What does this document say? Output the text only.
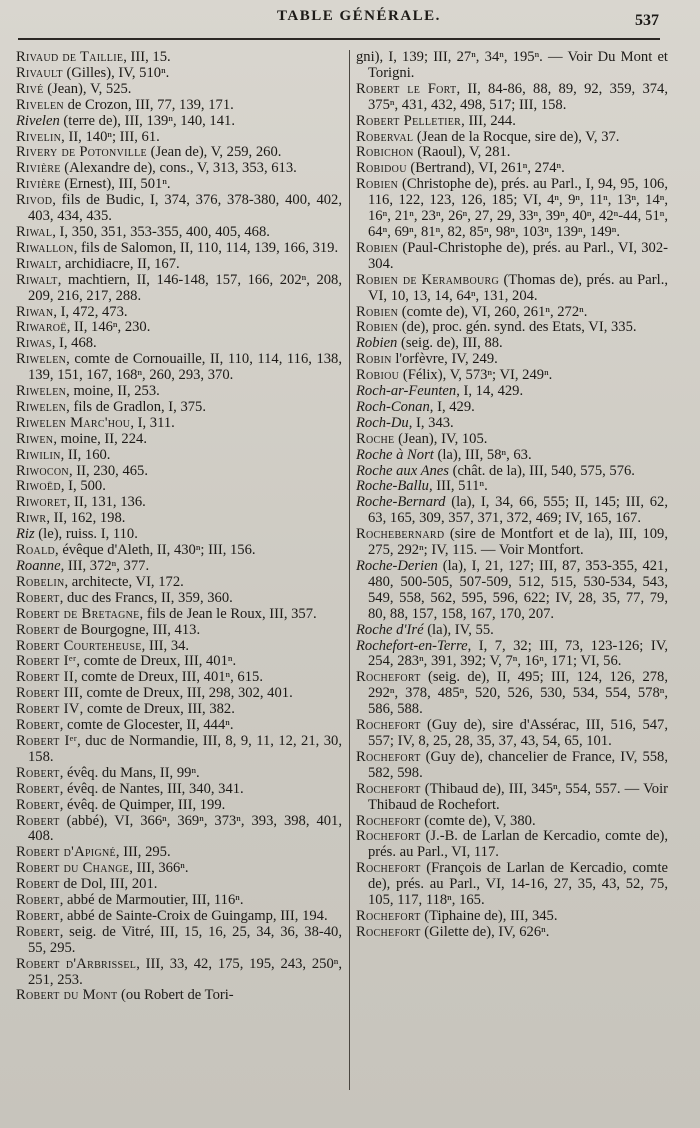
TABLE GÉNÉRALE.	537

Rivaud de Taillie, III, 15.

Rivault (Gilles), IV, 510ⁿ.

Rivé (Jean), V, 525.

Rivelen de Crozon, III, 77, 139, 171.

Rivelen (terre de), III, 139ⁿ, 140, 141.

Rivelin, II, 140ⁿ; III, 61.

Rivery de Potonville (Jean de), V, 259, 260.

Rivière (Alexandre de), cons., V, 313, 353, 613.

Rivière (Ernest), III, 501ⁿ.

Rivod, fils de Budic, I, 374, 376, 378-380, 400, 402, 403, 434, 435.

Riwal, I, 350, 351, 353-355, 400, 405, 468.

Riwallon, fils de Salomon, II, 110, 114, 139, 166, 319.

Riwalt, archidiacre, II, 167.

Riwalt, machtiern, II, 146-148, 157, 166, 202ⁿ, 208, 209, 216, 217, 288.

Riwan, I, 472, 473.

Riwaroë, II, 146ⁿ, 230.

Riwas, I, 468.

Riwelen, comte de Cornouaille, II, 110, 114, 116, 138, 139, 151, 167, 168ⁿ, 260, 293, 370.

Riwelen, moine, II, 253.

Riwelen, fils de Gradlon, I, 375.

Riwelen Marc'hou, I, 311.

Riwen, moine, II, 224.

Riwilin, II, 160.

Riwocon, II, 230, 465.

Riwoëd, I, 500.

Riworet, II, 131, 136.

Riwr, II, 162, 198.

Riz (le), ruiss. I, 110.

Roald, évêque d'Aleth, II, 430ⁿ; III, 156.

Roanne, III, 372ⁿ, 377.

Robelin, architecte, VI, 172.

Robert, duc des Francs, II, 359, 360.

Robert de Bretagne, fils de Jean le Roux, III, 357.

Robert de Bourgogne, III, 413.

Robert Courteheuse, III, 34.

Robert Iᵉʳ, comte de Dreux, III, 401ⁿ.

Robert II, comte de Dreux, III, 401ⁿ, 615.

Robert III, comte de Dreux, III, 298, 302, 401.

Robert IV, comte de Dreux, III, 382.

Robert, comte de Glocester, II, 444ⁿ.

Robert Iᵉʳ, duc de Normandie, III, 8, 9, 11, 12, 21, 30, 158.

Robert, évêq. du Mans, II, 99ⁿ.

Robert, évêq. de Nantes, III, 340, 341.

Robert, évêq. de Quimper, III, 199.

Robert (abbé), VI, 366ⁿ, 369ⁿ, 373ⁿ, 393, 398, 401, 408.

Robert d'Apigné, III, 295.

Robert du Change, III, 366ⁿ.

Robert de Dol, III, 201.

Robert, abbé de Marmoutier, III, 116ⁿ.

Robert, abbé de Sainte-Croix de Guingamp, III, 194.

Robert, seig. de Vitré, III, 15, 16, 25, 34, 36, 38-40, 55, 295.

Robert d'Arbrissel, III, 33, 42, 175, 195, 243, 250ⁿ, 251, 253.

Robert du Mont (ou Robert de Tori-

gni), I, 139; III, 27ⁿ, 34ⁿ, 195ⁿ. — Voir Du Mont et Torigni.

Robert le Fort, II, 84-86, 88, 89, 92, 359, 374, 375ⁿ, 431, 432, 498, 517; III, 158.

Robert Pelletier, III, 244.

Roberval (Jean de la Rocque, sire de), V, 37.

Robichon (Raoul), V, 281.

Robidou (Bertrand), VI, 261ⁿ, 274ⁿ.

Robien (Christophe de), prés. au Parl., I, 94, 95, 106, 116, 122, 123, 126, 185; VI, 4ⁿ, 9ⁿ, 11ⁿ, 13ⁿ, 14ⁿ, 16ⁿ, 21ⁿ, 23ⁿ, 26ⁿ, 27, 29, 33ⁿ, 39ⁿ, 40ⁿ, 42ⁿ-44, 51ⁿ, 64ⁿ, 69ⁿ, 81ⁿ, 82, 85ⁿ, 98ⁿ, 103ⁿ, 139ⁿ, 149ⁿ.

Robien (Paul-Christophe de), prés. au Parl., VI, 302-304.

Robien de Kerambourg (Thomas de), prés. au Parl., VI, 10, 13, 14, 64ⁿ, 131, 204.

Robien (comte de), VI, 260, 261ⁿ, 272ⁿ.

Robien (de), proc. gén. synd. des Etats, VI, 335.

Robien (seig. de), III, 88.

Robin l'orfèvre, IV, 249.

Robiou (Félix), V, 573ⁿ; VI, 249ⁿ.

Roch-ar-Feunten, I, 14, 429.

Roch-Conan, I, 429.

Roch-Du, I, 343.

Roche (Jean), IV, 105.

Roche à Nort (la), III, 58ⁿ, 63.

Roche aux Anes (chât. de la), III, 540, 575, 576.

Roche-Ballu, III, 511ⁿ.

Roche-Bernard (la), I, 34, 66, 555; II, 145; III, 62, 63, 165, 309, 357, 371, 372, 469; IV, 165, 167.

Rochebernard (sire de Montfort et de la), III, 109, 275, 292ⁿ; IV, 115. — Voir Montfort.

Roche-Derien (la), I, 21, 127; III, 87, 353-355, 421, 480, 500-505, 507-509, 512, 515, 530-534, 543, 549, 558, 562, 595, 596, 622; IV, 28, 35, 77, 79, 80, 88, 157, 158, 167, 170, 207.

Roche d'Iré (la), IV, 55.

Rochefort-en-Terre, I, 7, 32; III, 73, 123-126; IV, 254, 283ⁿ, 391, 392; V, 7ⁿ, 16ⁿ, 171; VI, 56.

Rochefort (seig. de), II, 495; III, 124, 126, 278, 292ⁿ, 378, 485ⁿ, 520, 526, 530, 534, 554, 578ⁿ, 586, 588.

Rochefort (Guy de), sire d'Assérac, III, 516, 547, 557; IV, 8, 25, 28, 35, 37, 43, 54, 65, 101.

Rochefort (Guy de), chancelier de France, IV, 558, 582, 598.

Rochefort (Thibaud de), III, 345ⁿ, 554, 557. — Voir Thibaud de Rochefort.

Rochefort (comte de), V, 380.

Rochefort (J.-B. de Larlan de Kercadio, comte de), prés. au Parl., VI, 117.

Rochefort (François de Larlan de Kercadio, comte de), prés. au Parl., VI, 14-16, 27, 35, 43, 52, 75, 105, 117, 118ⁿ, 165.

Rochefort (Tiphaine de), III, 345.

Rochefort (Gilette de), IV, 626ⁿ.
